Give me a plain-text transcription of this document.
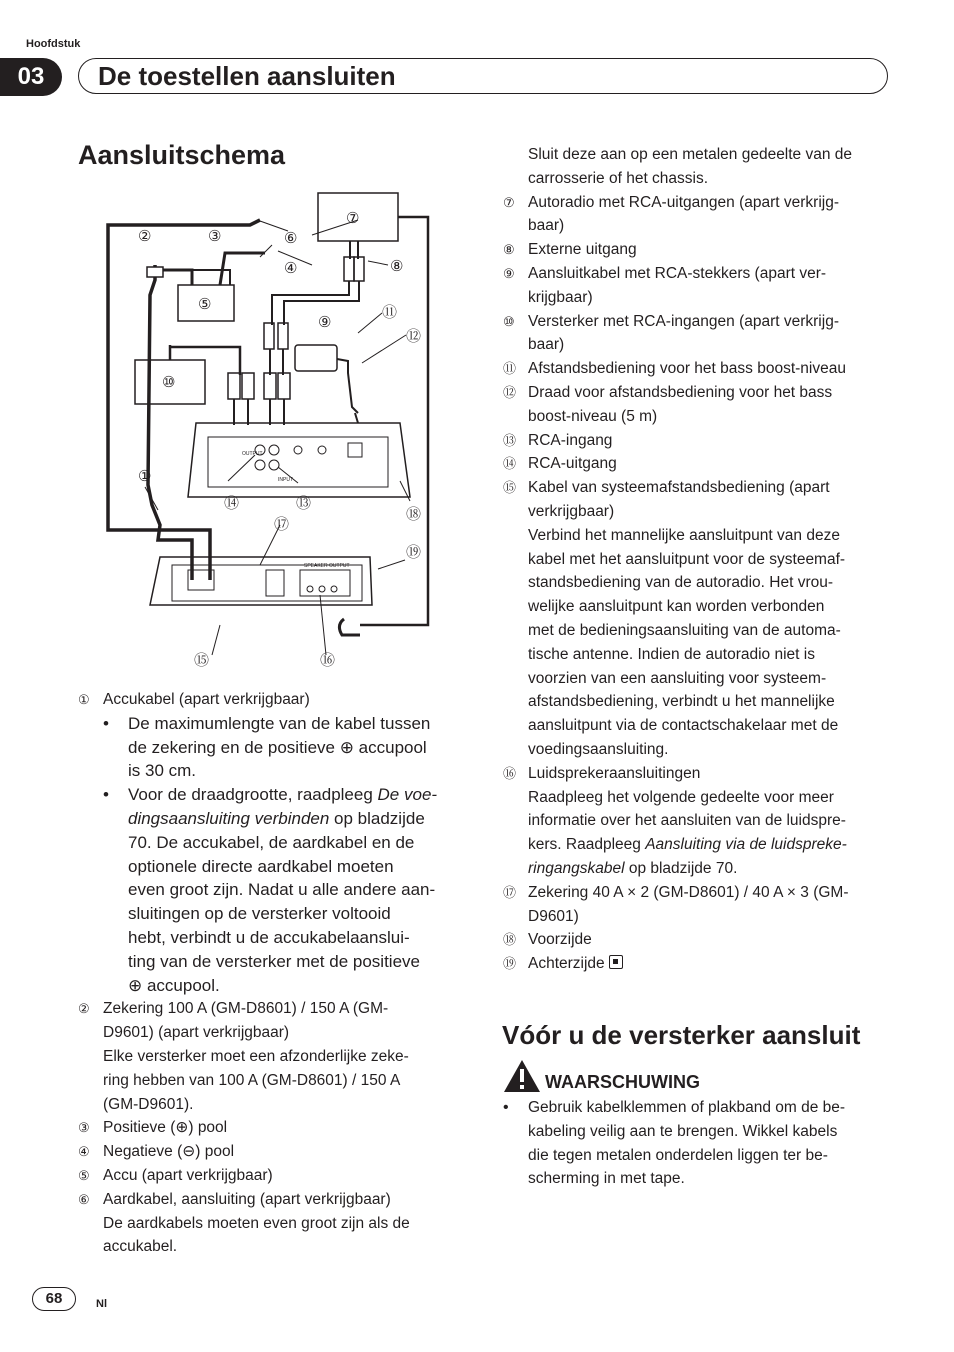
Hoofdstuk
03	De toestellen aansluiten
Aansluitschema
OUTPUT
INPUT
SPEAKER OUTPUT
①
②	③
④
⑤
⑥
⑦
⑧
⑨
⑩
⑪
⑫
⑬
⑭
⑮	⑯
⑰
⑱
⑲
① Accukabel (apart verkrijgbaar)
• De maximumlengte van de kabel tussen
de zekering en de positieve ⊕ accupool
is 30 cm.
• Voor de draadgrootte, raadpleeg De voe-
dingsaansluiting verbinden op bladzijde
70. De accukabel, de aardkabel en de
optionele directe aardkabel moeten
even groot zijn. Nadat u alle andere aan-
sluitingen op de versterker voltooid
hebt, verbindt u de accukabelaanslui-
ting van de versterker met de positieve
⊕ accupool.
② Zekering 100 A (GM-D8601) / 150 A (GM-
D9601) (apart verkrijgbaar)
Elke versterker moet een afzonderlijke zeke-
ring hebben van 100 A (GM-D8601) / 150 A
(GM-D9601).
③ Positieve (⊕) pool
④ Negatieve (⊖) pool
⑤ Accu (apart verkrijgbaar)
⑥ Aardkabel, aansluiting (apart verkrijgbaar)
De aardkabels moeten even groot zijn als de
accukabel.
Sluit deze aan op een metalen gedeelte van de
carrosserie of het chassis.
⑦ Autoradio met RCA-uitgangen (apart verkrijg-
baar)
⑧ Externe uitgang
⑨ Aansluitkabel met RCA-stekkers (apart ver-
krijgbaar)
⑩ Versterker met RCA-ingangen (apart verkrijg-
baar)
⑪ Afstandsbediening voor het bass boost-niveau
⑫ Draad voor afstandsbediening voor het bass
boost-niveau (5 m)
⑬ RCA-ingang
⑭ RCA-uitgang
⑮ Kabel van systeemafstandsbediening (apart
verkrijgbaar)
Verbind het mannelijke aansluitpunt van deze
kabel met het aansluitpunt voor de systeemaf-
standsbediening van de autoradio. Het vrou-
welijke aansluitpunt kan worden verbonden
met de bedieningsaansluiting van de automa-
tische antenne. Indien de autoradio niet is
voorzien van een aansluiting voor systeem-
afstandsbediening, verbindt u het mannelijke
aansluitpunt via de contactschakelaar met de
voedingsaansluiting.
⑯ Luidsprekeraansluitingen
Raadpleeg het volgende gedeelte voor meer
informatie over het aansluiten van de luidspre-
kers. Raadpleeg Aansluiting via de luidspreke-
ringangskabel op bladzijde 70.
⑰ Zekering 40 A × 2 (GM-D8601) / 40 A × 3 (GM-
D9601)
⑱ Voorzijde
⑲ Achterzijde
Vóór u de versterker aansluit
WAARSCHUWING
• Gebruik kabelklemmen of plakband om de be-
kabeling veilig aan te brengen. Wikkel kabels
die tegen metalen onderdelen liggen ter be-
scherming in met tape.
68	Nl
